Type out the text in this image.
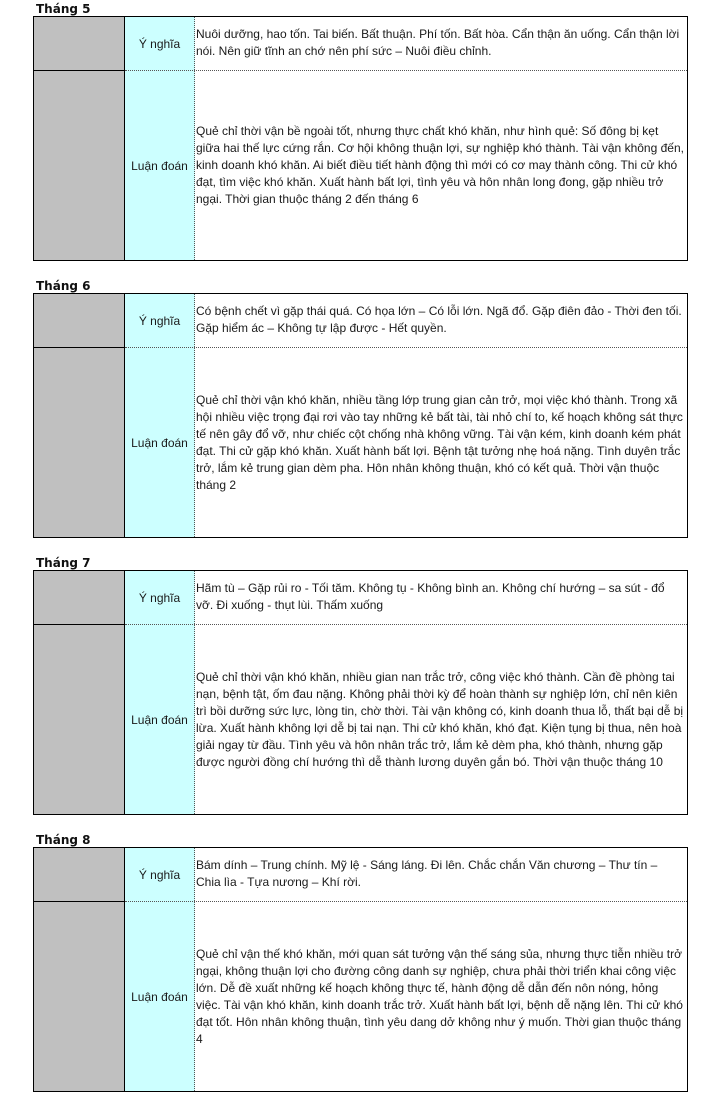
Tháng 5
Ý nghĩa
Luận đoán
Nuôi dưỡng, hao tốn. Tai biến. Bất thuận. Phí tốn. Bất hòa. Cẩn thận ăn uống. Cẩn thận lời nói. Nên giữ tĩnh an chớ nên phí sức – Nuôi điều chỉnh.
Quẻ chỉ thời vận bề ngoài tốt, nhưng thực chất khó khăn, như hình quẻ: Số đông bị kẹt giữa hai thế lực cứng rắn. Cơ hội không thuận lợi, sự nghiệp khó thành. Tài vận không đến, kinh doanh khó khăn. Ai biết điều tiết hành động thì mới có cơ may thành công. Thi cử khó đạt, tìm việc khó khăn. Xuất hành bất lợi, tình yêu và hôn nhân long đong, gặp nhiều trở ngại. Thời gian thuộc tháng 2 đến tháng 6
Tháng 6
Ý nghĩa
Luận đoán
Có bệnh chết vì gặp thái quá. Có họa lớn – Có lỗi lớn. Ngã đổ. Gặp điên đảo - Thời đen tối. Gặp hiểm ác – Không tự lập được - Hết quyền.
Quẻ chỉ thời vận khó khăn, nhiều tầng lớp trung gian cản trở, mọi việc khó thành. Trong xã hội nhiều việc trọng đại rơi vào tay những kẻ bất tài, tài nhỏ chí to, kế hoạch không sát thực tế nên gây đổ vỡ, như chiếc cột chống nhà không vững. Tài vận kém, kinh doanh kém phát đạt. Thi cử gặp khó khăn. Xuất hành bất lợi. Bệnh tật tưởng nhẹ hoá nặng. Tình duyên trắc trở, lắm kẻ trung gian dèm pha. Hôn nhân không thuận, khó có kết quả. Thời vận thuộc tháng 2
Tháng 7
Ý nghĩa
Luận đoán
Hãm tù – Gặp rủi ro - Tối tăm. Không tụ - Không bình an. Không chí hướng – sa sút - đổ vỡ. Đi xuống - thụt lùi. Thấm xuống
Quẻ chỉ thời vận khó khăn, nhiều gian nan trắc trở, công việc khó thành. Cần đề phòng tai nạn, bệnh tật, ốm đau nặng. Không phải thời kỳ để hoàn thành sự nghiệp lớn, chỉ nên kiên trì bồi dưỡng sức lực, lòng tin, chờ thời. Tài vận không có, kinh doanh thua lỗ, thất bại dễ bị lừa. Xuất hành không lợi dễ bị tai nạn. Thi cử khó khăn, khó đạt. Kiện tụng bị thua, nên hoà giải ngay từ đầu. Tình yêu và hôn nhân trắc trở, lắm kẻ dèm pha, khó thành, nhưng gặp được người đồng chí hướng thì dễ thành lương duyên gắn bó. Thời vận thuộc tháng 10
Tháng 8
Ý nghĩa
Luận đoán
Bám dính – Trung chính. Mỹ lệ - Sáng láng. Đi lên. Chắc chắn Văn chương – Thư tín – Chia lìa - Tựa nương – Khí rời.
Quẻ chỉ vận thế khó khăn, mới quan sát tưởng vận thế sáng sủa, nhưng thực tiễn nhiều trở ngại, không thuận lợi cho đường công danh sự nghiệp, chưa phải thời triển khai công việc lớn. Dễ đề xuất những kế hoạch không thực tế, hành động dễ dẫn đến nôn nóng, hỏng việc. Tài vận khó khăn, kinh doanh trắc trở. Xuất hành bất lợi, bệnh dễ nặng lên. Thi cử khó đạt tốt. Hôn nhân không thuận, tình yêu dang dở không như ý muốn. Thời gian thuộc tháng 4
